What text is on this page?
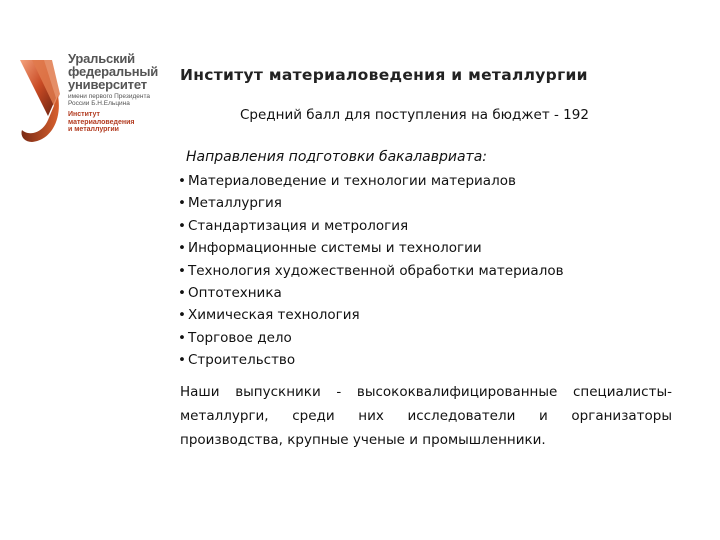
Уральский
федеральный
университет
имени первого Президента
России Б.Н.Ельцина
Институт
материаловедения
и металлургии
Институт материаловедения и металлургии
Средний балл для поступления на бюджет - 192
Направления подготовки бакалавриата:
• Материаловедение и технологии материалов
• Металлургия
• Стандартизация и метрология
• Информационные системы и технологии
• Технология художественной обработки материалов
• Оптотехника
• Химическая технология
• Торговое дело
• Строительство
Наши выпускники - высококвалифицированные специалисты-металлурги, среди них исследователи и организаторы производства, крупные ученые и промышленники.
